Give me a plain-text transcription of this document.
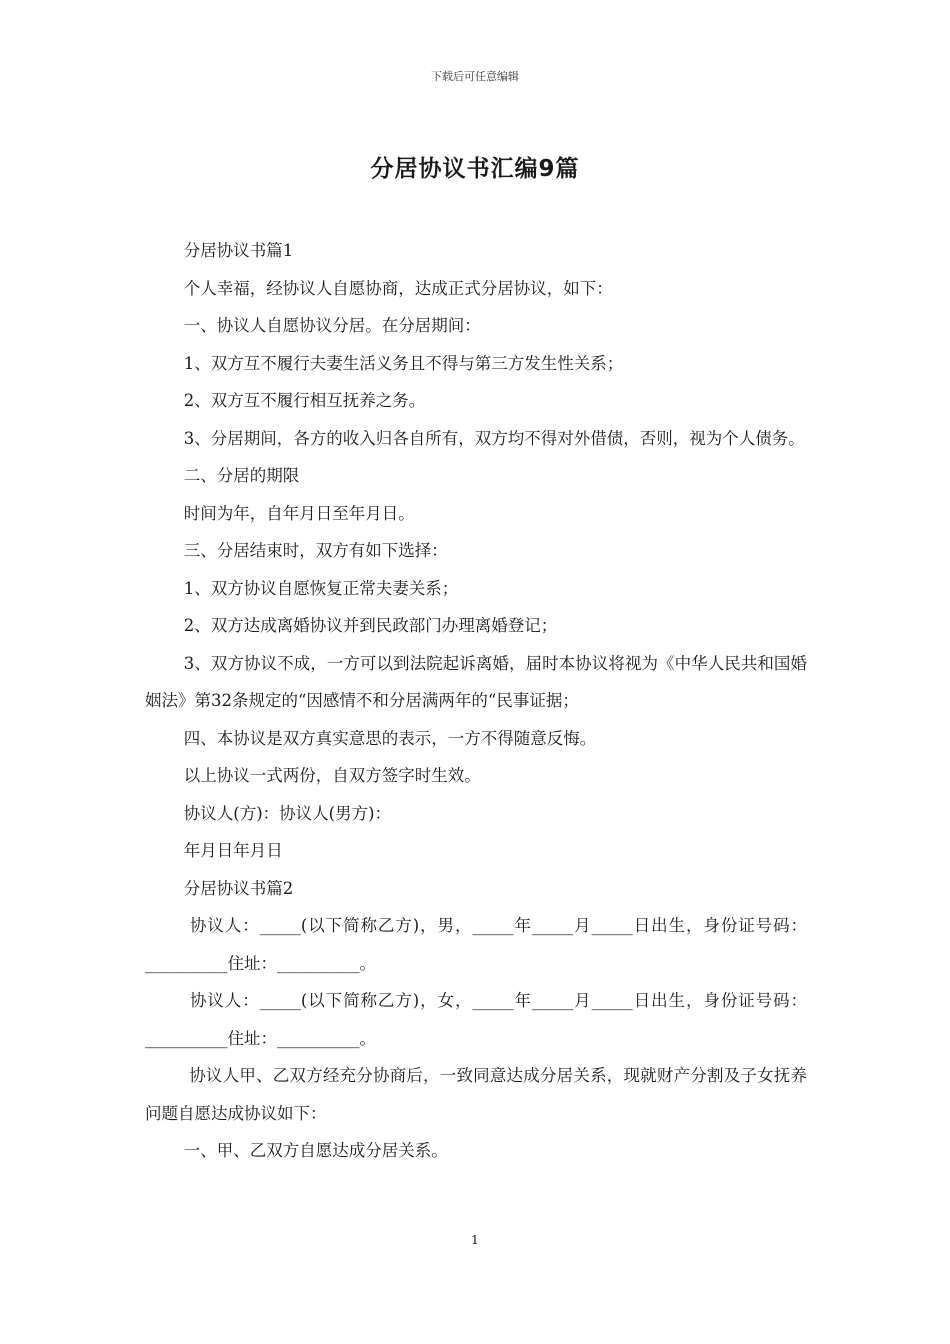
下载后可任意编辑
分居协议书汇编9篇

分居协议书篇1

个人幸福，经协议人自愿协商，达成正式分居协议，如下：

一、协议人自愿协议分居。在分居期间：

1、双方互不履行夫妻生活义务且不得与第三方发生性关系；

2、双方互不履行相互抚养之务。

3、分居期间，各方的收入归各自所有，双方均不得对外借债，否则，视为个人债务。

二、分居的期限

时间为年，自年月日至年月日。

三、分居结束时，双方有如下选择：

1、双方协议自愿恢复正常夫妻关系；

2、双方达成离婚协议并到民政部门办理离婚登记；

3、双方协议不成，一方可以到法院起诉离婚，届时本协议将视为《中华人民共和国婚姻法》第32条规定的“因感情不和分居满两年的“民事证据；

四、本协议是双方真实意思的表示，一方不得随意反悔。

以上协议一式两份，自双方签字时生效。

协议人(方)：协议人(男方)：

年月日年月日

分居协议书篇2

协议人：_____(以下简称乙方)，男，_____年_____月_____日出生，身份证号码：__________住址：__________。

协议人：_____(以下简称乙方)，女，_____年_____月_____日出生，身份证号码：__________住址：__________。

协议人甲、乙双方经充分协商后，一致同意达成分居关系，现就财产分割及子女抚养问题自愿达成协议如下：

一、甲、乙双方自愿达成分居关系。

1
